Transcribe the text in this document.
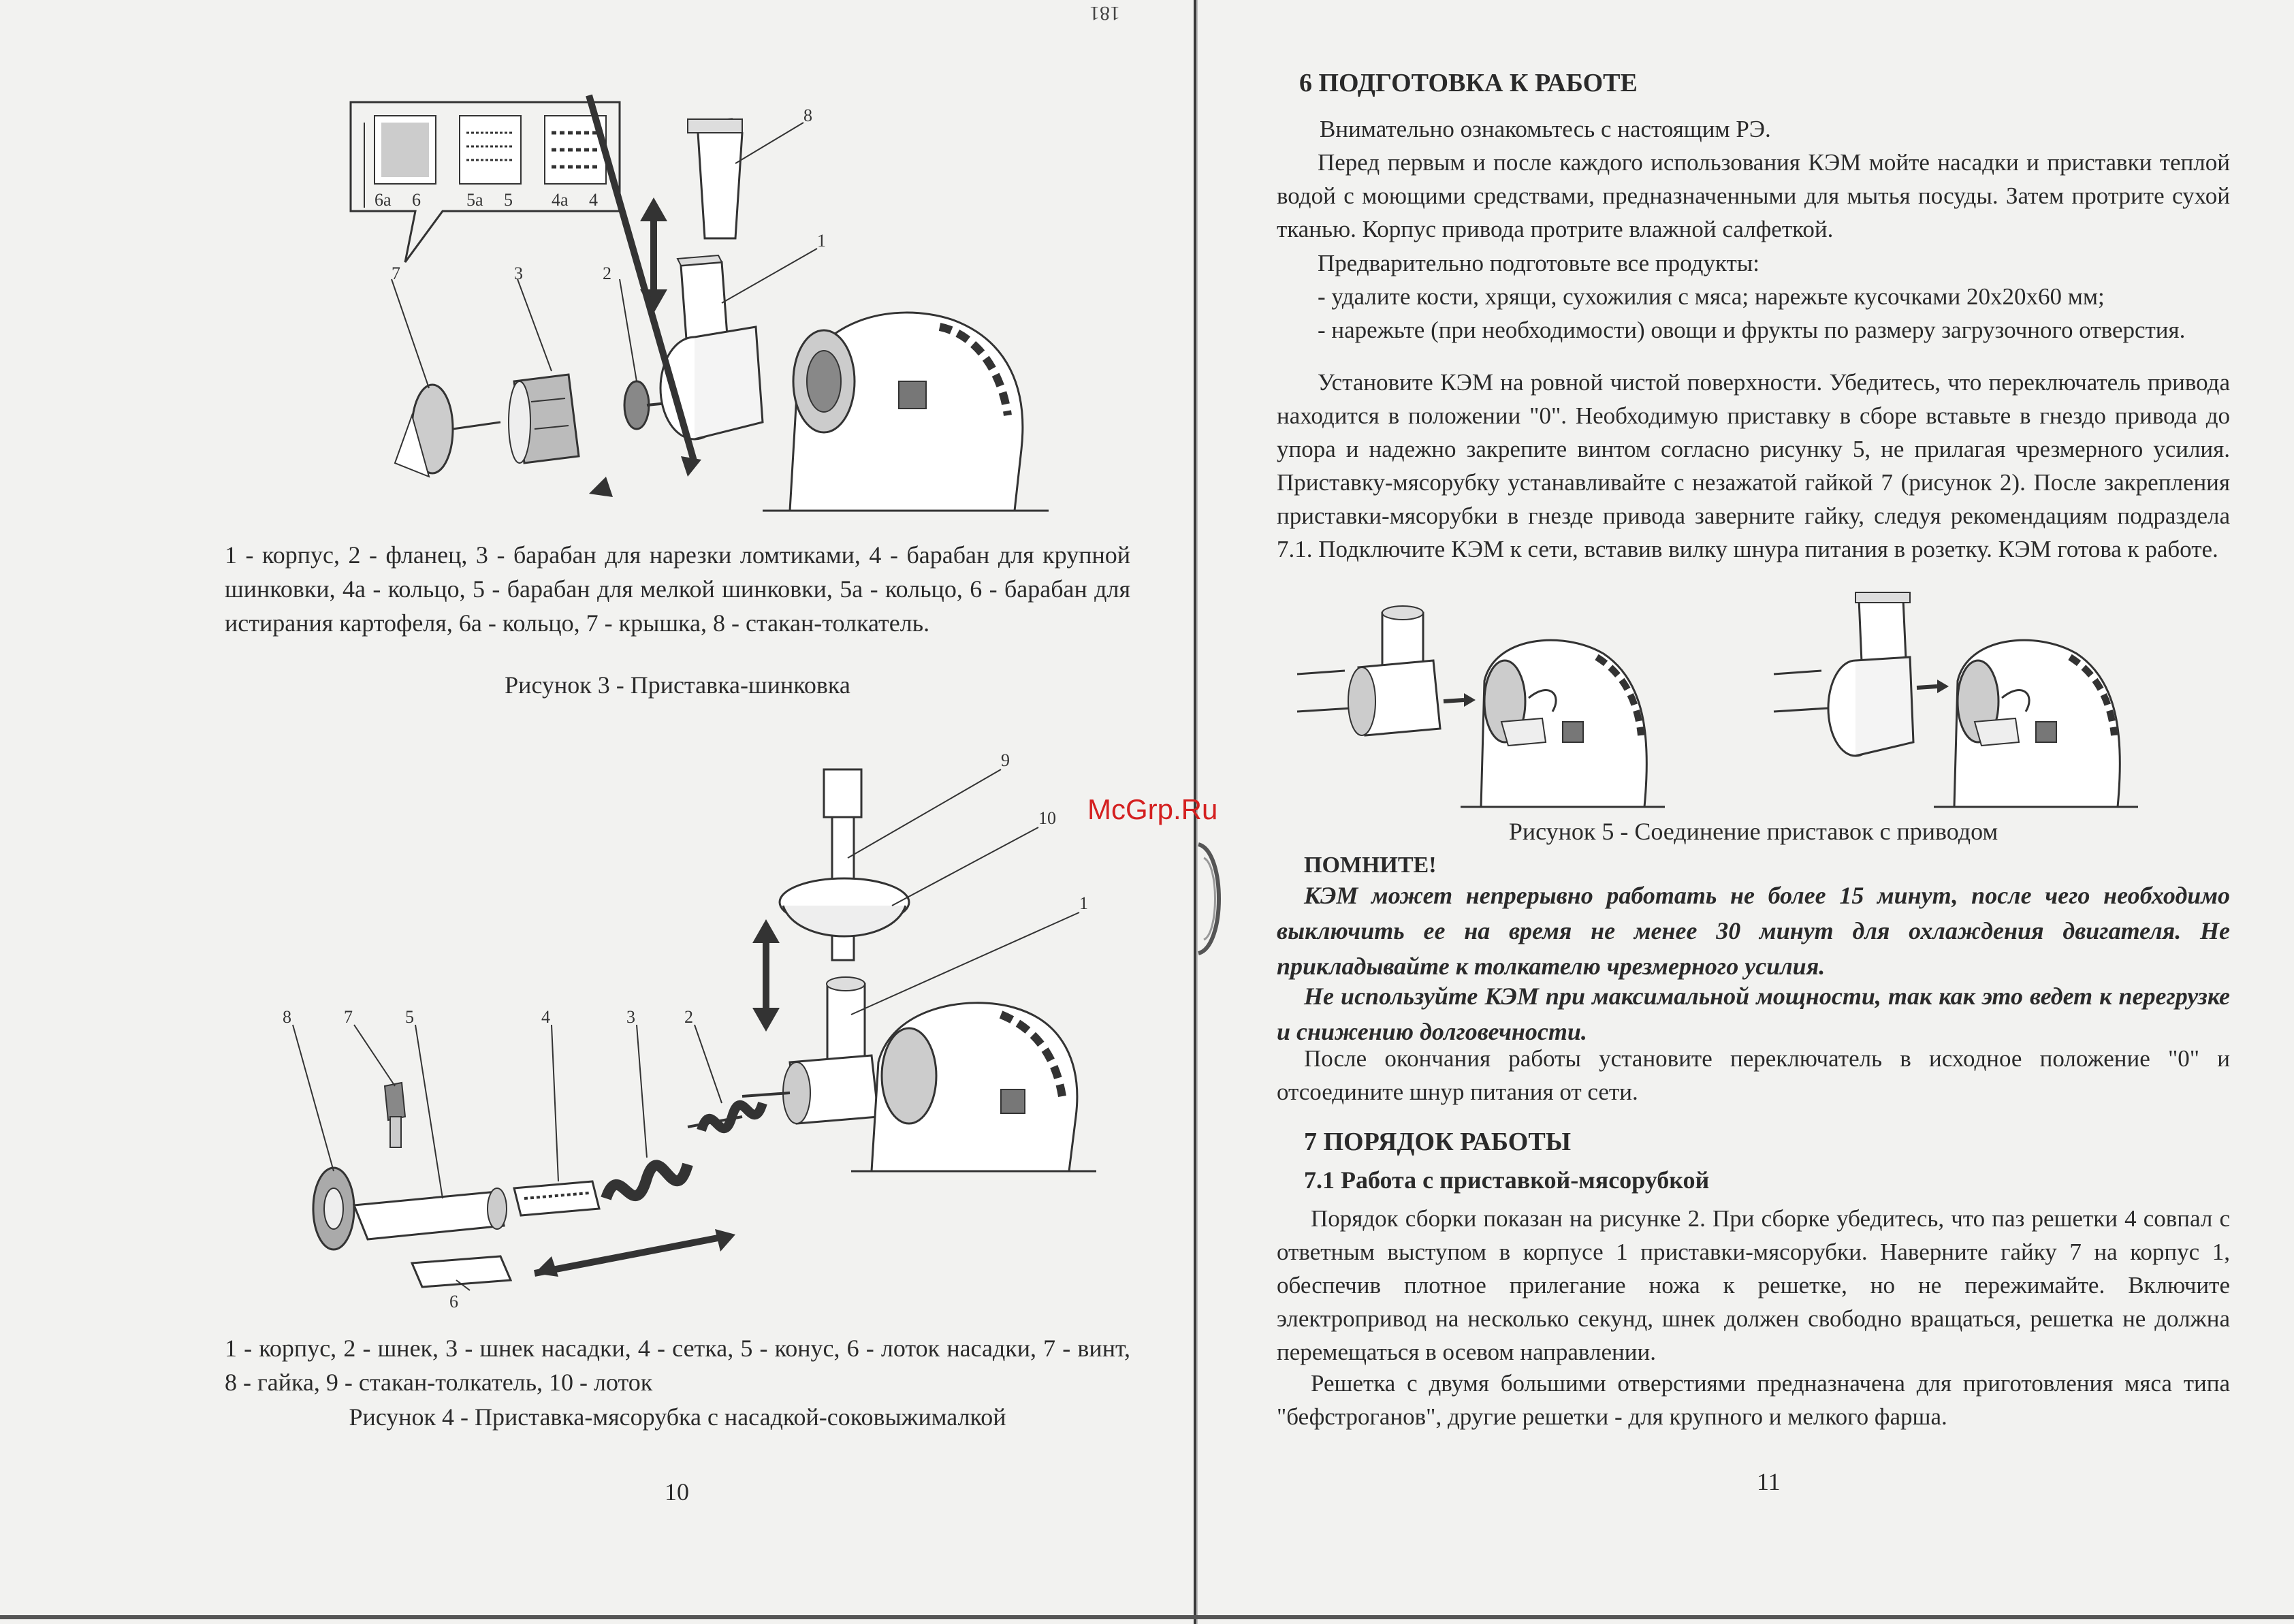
181
McGrp.Ru
6а 6	5а 5 4а 4
8
7	3	2
1
1 - корпус, 2 - фланец, 3 - барабан для нарезки ломтиками, 4 - барабан для крупной шинковки, 4а - кольцо, 5 - барабан для мелкой шинковки, 5а - кольцо, 6 - барабан для истирания картофеля, 6а - кольцо, 7 - крышка, 8 - стакан-толкатель.
Рисунок 3 - Приставка-шинковка
9
10
1
8	7	5	4	3	2
6
1 - корпус, 2 - шнек, 3 - шнек насадки, 4 - сетка, 5 - конус, 6 - лоток насадки, 7 - винт, 8 - гайка, 9 - стакан-толкатель, 10 - лоток
Рисунок 4 - Приставка-мясорубка с насадкой-соковыжималкой
10
6 ПОДГОТОВКА К РАБОТЕ
Внимательно ознакомьтесь с настоящим РЭ.
Перед первым и после каждого использования КЭМ мойте насадки и приставки теплой водой с моющими средствами, предназначенными для мытья посуды. Затем протрите сухой тканью. Корпус привода протрите влажной салфеткой.
Предварительно подготовьте все продукты:
- удалите кости, хрящи, сухожилия с мяса; нарежьте кусочками 20х20х60 мм;
- нарежьте (при необходимости) овощи и фрукты по размеру загрузочного отверстия.
Установите КЭМ на ровной чистой поверхности. Убедитесь, что переключатель привода находится в положении "0". Необходимую приставку в сборе вставьте в гнездо привода до упора и надежно закрепите винтом согласно рисунку 5, не прилагая чрезмерного усилия. Приставку-мясорубку устанавливайте с незажатой гайкой 7 (рисунок 2). После закрепления приставки-мясорубки в гнезде привода заверните гайку, следуя рекомендациям подраздела 7.1. Подключите КЭМ к сети, вставив вилку шнура питания в розетку. КЭМ готова к работе.
Рисунок 5 - Соединение приставок с приводом
ПОМНИТЕ!
КЭМ может непрерывно работать не более 15 минут, после чего необходимо выключить ее на время не менее 30 минут для охлаждения двигателя. Не прикладывайте к толкателю чрезмерного усилия.
Не используйте КЭМ при максимальной мощности, так как это ведет к перегрузке и снижению долговечности.
После окончания работы установите переключатель в исходное положение "0" и отсоедините шнур питания от сети.
7 ПОРЯДОК РАБОТЫ
7.1 Работа с приставкой-мясорубкой
Порядок сборки показан на рисунке 2. При сборке убедитесь, что паз решетки 4 совпал с ответным выступом в корпусе 1 приставки-мясорубки. Наверните гайку 7 на корпус 1, обеспечив плотное прилегание ножа к решетке, но не пережимайте. Включите электропривод на несколько секунд, шнек должен свободно вращаться, решетка не должна перемещаться в осевом направлении.
Решетка с двумя большими отверстиями предназначена для приготовления мяса типа "бефстроганов", другие решетки - для крупного и мелкого фарша.
11
